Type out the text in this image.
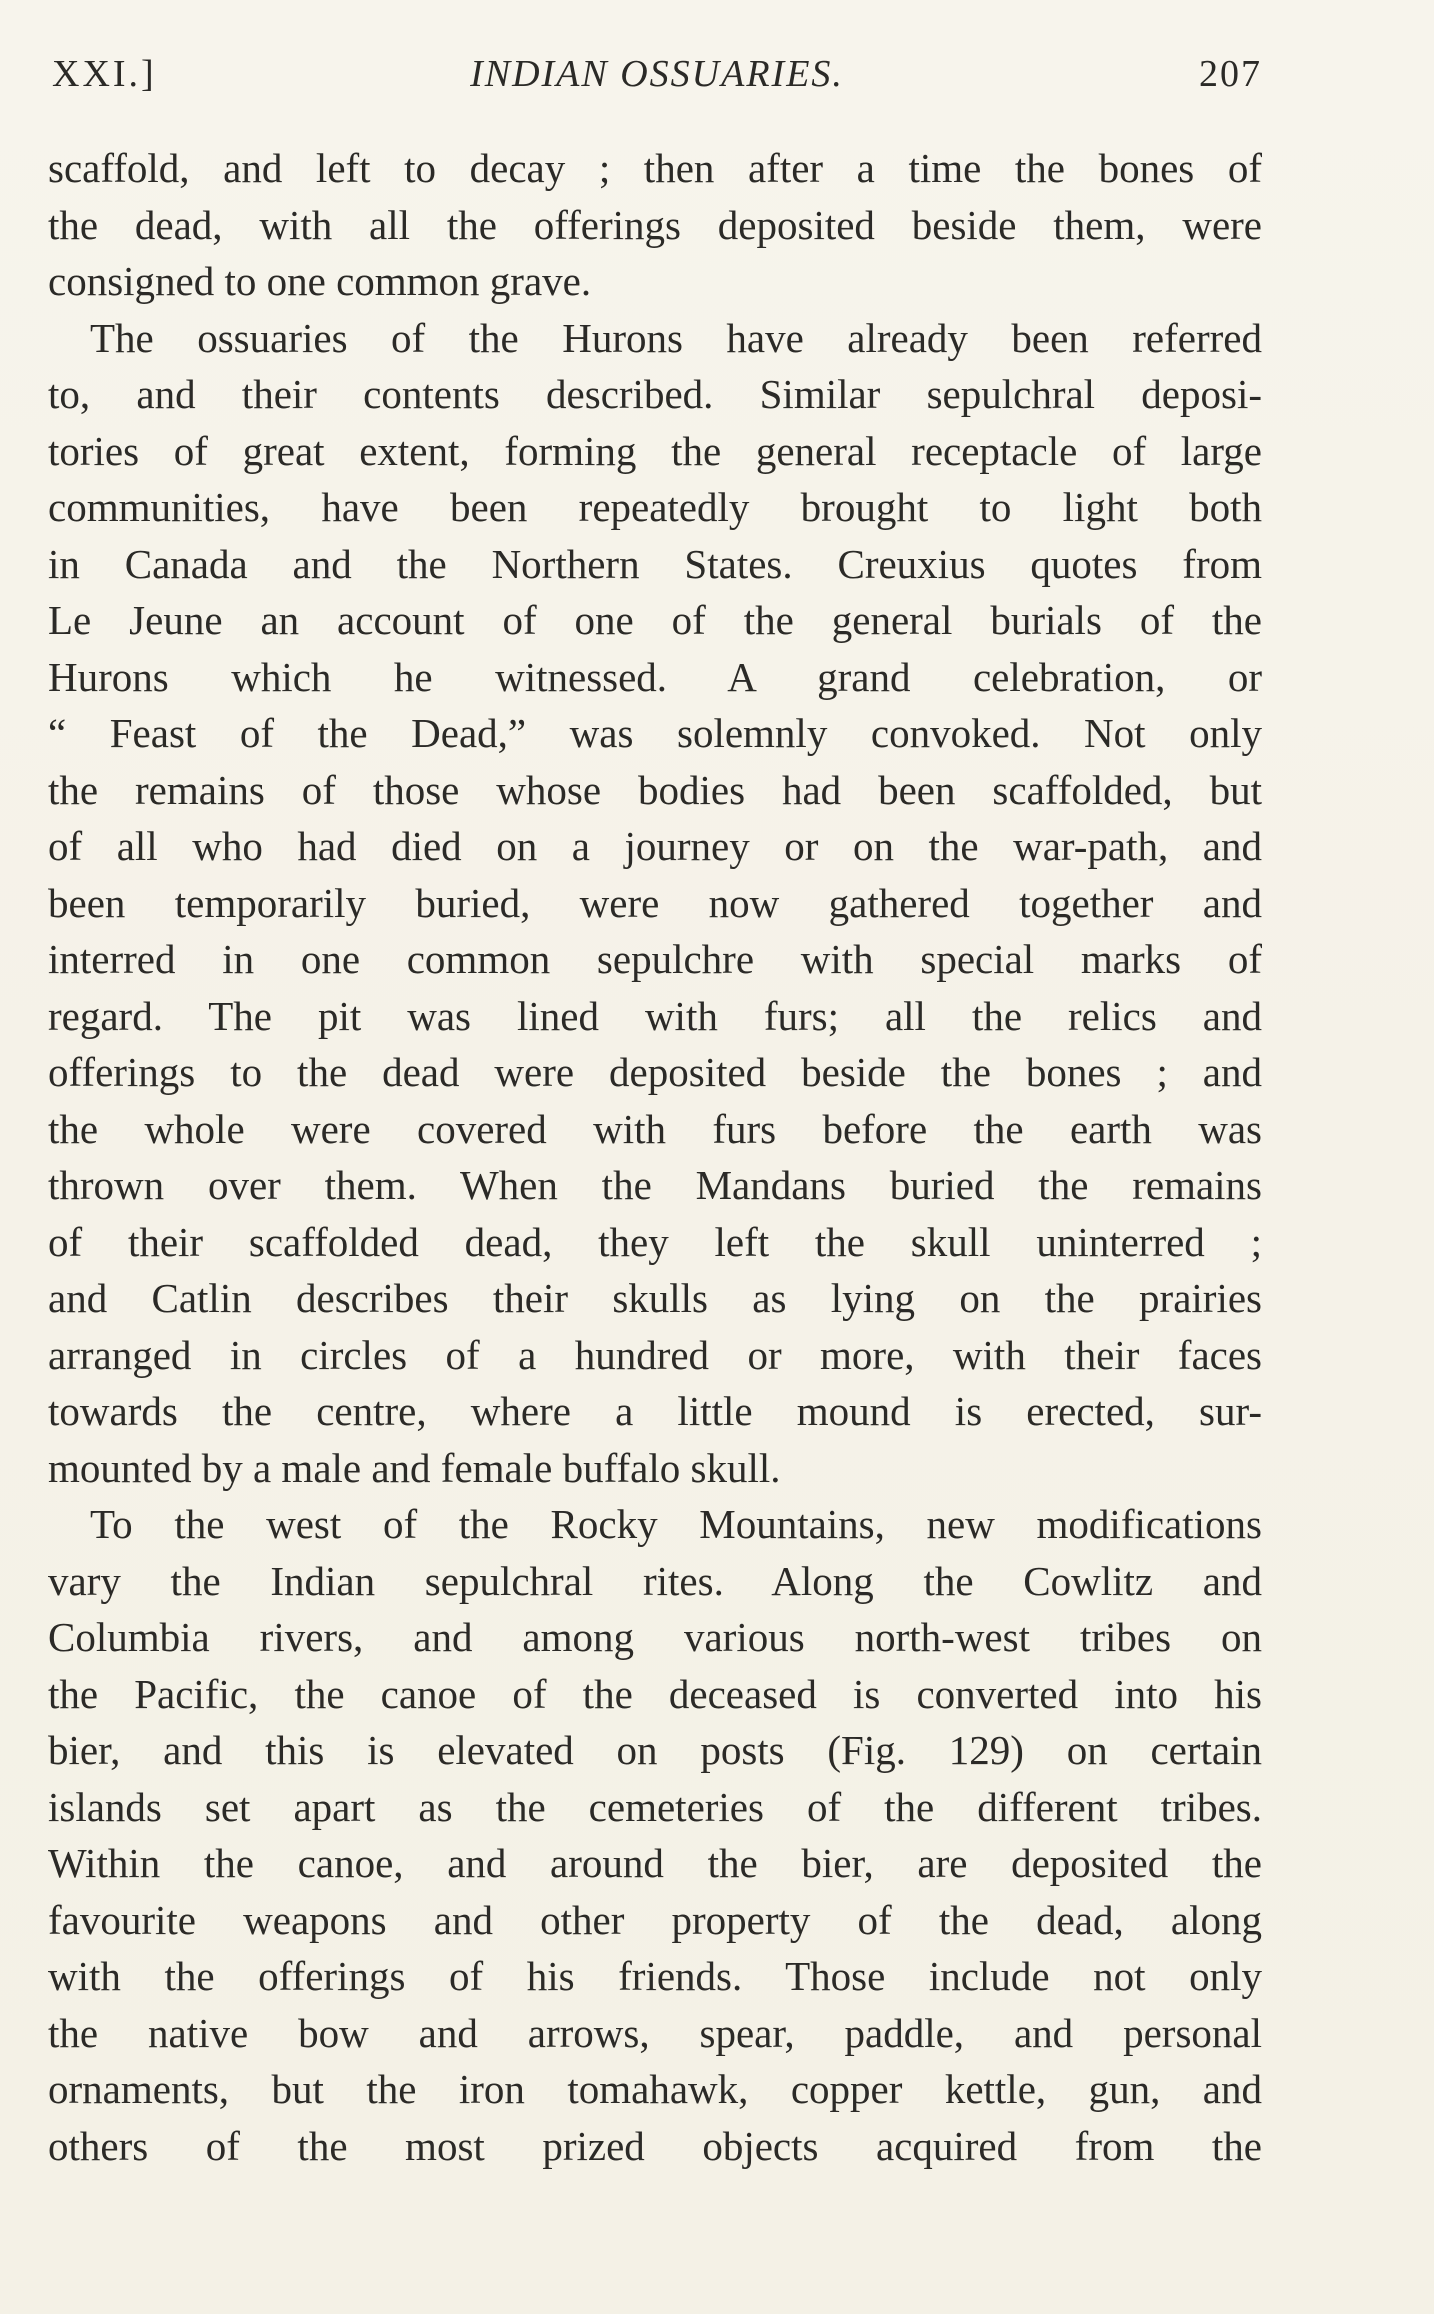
XXI.]	INDIAN OSSUARIES.	207
scaffold, and left to decay ; then after a time the bones of
the dead, with all the offerings deposited beside them, were
consigned to one common grave.
The ossuaries of the Hurons have already been referred
to, and their contents described. Similar sepulchral deposi-
tories of great extent, forming the general receptacle of large
communities, have been repeatedly brought to light both
in Canada and the Northern States. Creuxius quotes from
Le Jeune an account of one of the general burials of the
Hurons which he witnessed. A grand celebration, or
“ Feast of the Dead,” was solemnly convoked. Not only
the remains of those whose bodies had been scaffolded, but
of all who had died on a journey or on the war-path, and
been temporarily buried, were now gathered together and
interred in one common sepulchre with special marks of
regard. The pit was lined with furs; all the relics and
offerings to the dead were deposited beside the bones ; and
the whole were covered with furs before the earth was
thrown over them. When the Mandans buried the remains
of their scaffolded dead, they left the skull uninterred ;
and Catlin describes their skulls as lying on the prairies
arranged in circles of a hundred or more, with their faces
towards the centre, where a little mound is erected, sur-
mounted by a male and female buffalo skull.
To the west of the Rocky Mountains, new modifications
vary the Indian sepulchral rites. Along the Cowlitz and
Columbia rivers, and among various north-west tribes on
the Pacific, the canoe of the deceased is converted into his
bier, and this is elevated on posts (Fig. 129) on certain
islands set apart as the cemeteries of the different tribes.
Within the canoe, and around the bier, are deposited the
favourite weapons and other property of the dead, along
with the offerings of his friends. Those include not only
the native bow and arrows, spear, paddle, and personal
ornaments, but the iron tomahawk, copper kettle, gun, and
others of the most prized objects acquired from the
